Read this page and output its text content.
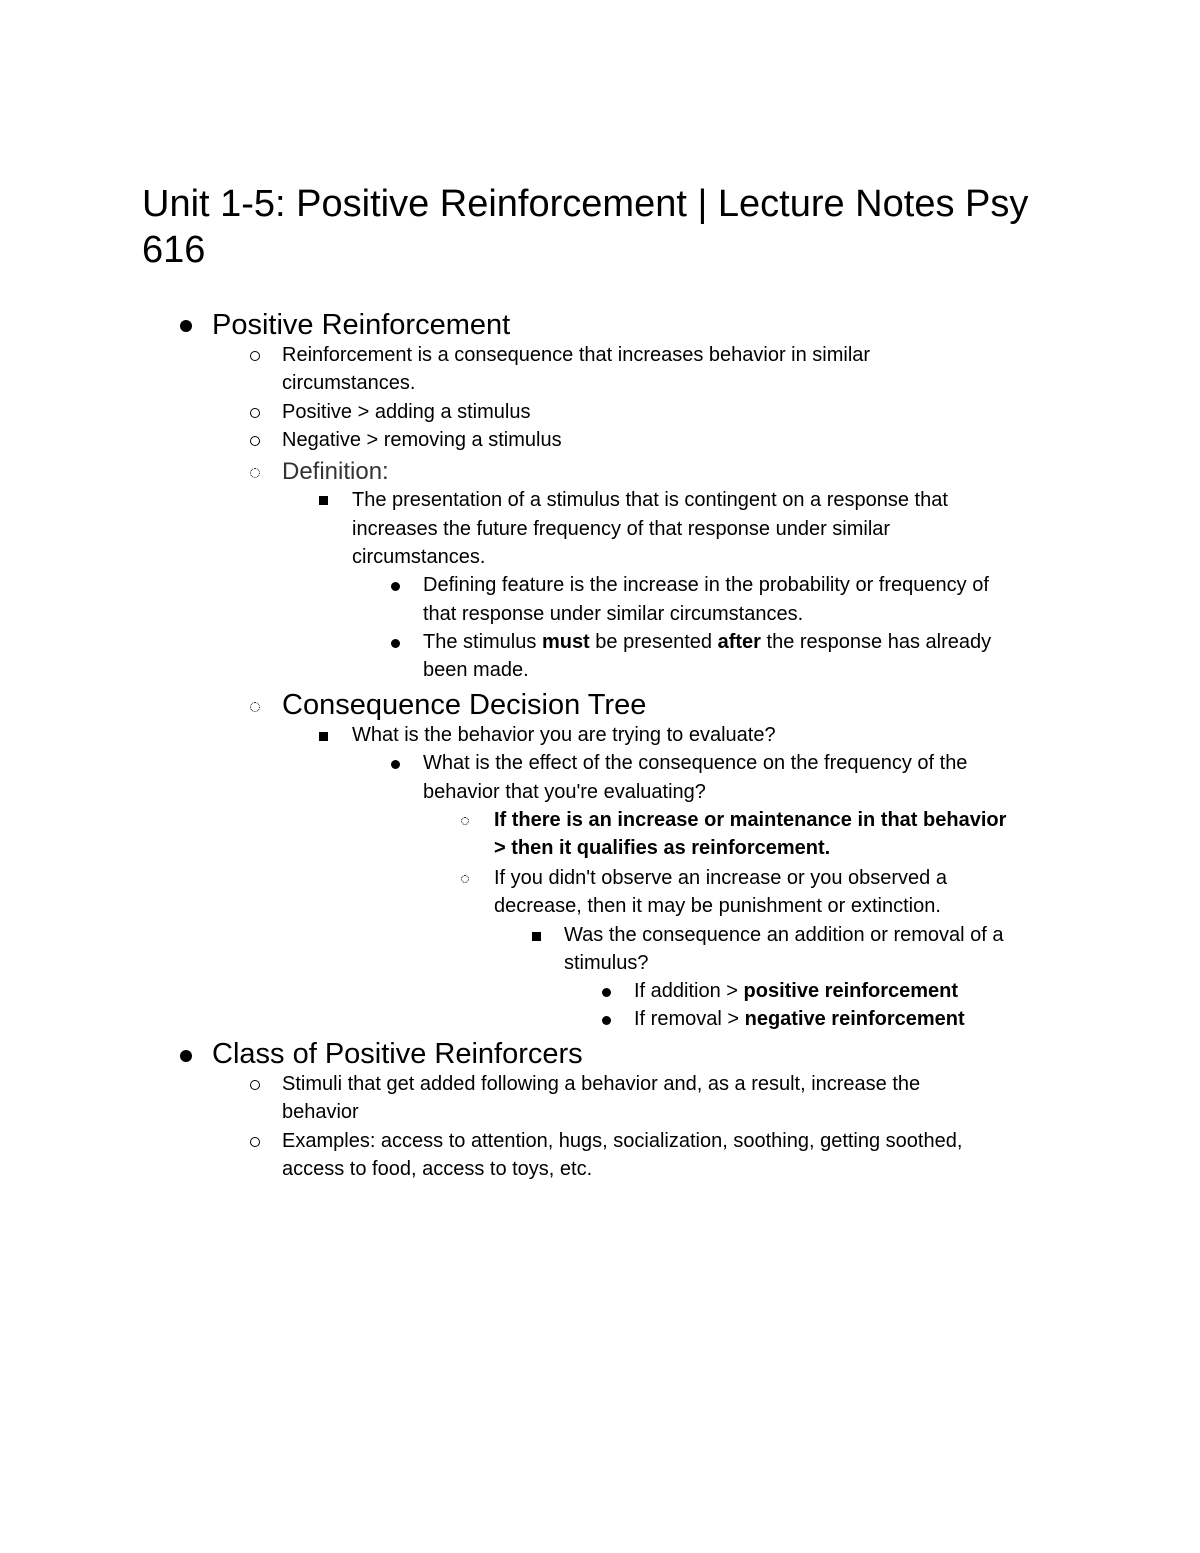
Unit 1-5: Positive Reinforcement | Lecture Notes Psy 616
Positive Reinforcement
Reinforcement is a consequence that increases behavior in similar
circumstances.
Positive > adding a stimulus
Negative > removing a stimulus
Definition:
The presentation of a stimulus that is contingent on a response that
increases the future frequency of that response under similar
circumstances.
Defining feature is the increase in the probability or frequency of
that response under similar circumstances.
The stimulus must be presented after the response has already
been made.
Consequence Decision Tree
What is the behavior you are trying to evaluate?
What is the effect of the consequence on the frequency of the
behavior that you're evaluating?
If there is an increase or maintenance in that behavior
> then it qualifies as reinforcement.
If you didn't observe an increase or you observed a
decrease, then it may be punishment or extinction.
Was the consequence an addition or removal of a
stimulus?
If addition > positive reinforcement
If removal > negative reinforcement
Class of Positive Reinforcers
Stimuli that get added following a behavior and, as a result, increase the
behavior
Examples: access to attention, hugs, socialization, soothing, getting soothed,
access to food, access to toys, etc.
